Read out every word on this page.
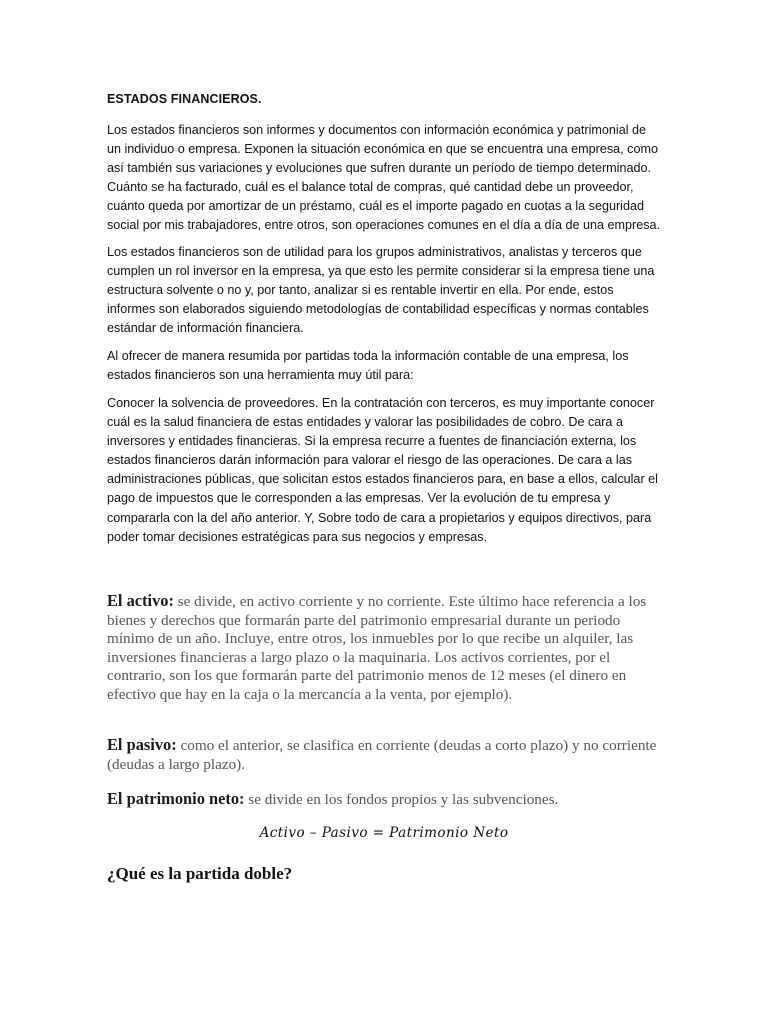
ESTADOS FINANCIEROS.

Los estados financieros son informes y documentos con información económica y patrimonial de un individuo o empresa. Exponen la situación económica en que se encuentra una empresa, como así también sus variaciones y evoluciones que sufren durante un período de tiempo determinado. Cuánto se ha facturado, cuál es el balance total de compras, qué cantidad debe un proveedor, cuánto queda por amortizar de un préstamo, cuál es el importe pagado en cuotas a la seguridad social por mis trabajadores, entre otros, son operaciones comunes en el día a día de una empresa.

Los estados financieros son de utilidad para los grupos administrativos, analistas y terceros que cumplen un rol inversor en la empresa, ya que esto les permite considerar si la empresa tiene una estructura solvente o no y, por tanto, analizar si es rentable invertir en ella. Por ende, estos informes son elaborados siguiendo metodologías de contabilidad específicas y normas contables estándar de información financiera.

Al ofrecer de manera resumida por partidas toda la información contable de una empresa, los estados financieros son una herramienta muy útil para:

Conocer la solvencia de proveedores. En la contratación con terceros, es muy importante conocer cuál es la salud financiera de estas entidades y valorar las posibilidades de cobro. De cara a inversores y entidades financieras. Si la empresa recurre a fuentes de financiación externa, los estados financieros darán información para valorar el riesgo de las operaciones. De cara a las administraciones públicas, que solicitan estos estados financieros para, en base a ellos, calcular el pago de impuestos que le corresponden a las empresas. Ver la evolución de tu empresa y compararla con la del año anterior. Y, Sobre todo de cara a propietarios y equipos directivos, para poder tomar decisiones estratégicas para sus negocios y empresas.

El activo: se divide, en activo corriente y no corriente. Este último hace referencia a los bienes y derechos que formarán parte del patrimonio empresarial durante un periodo mínimo de un año. Incluye, entre otros, los inmuebles por lo que recibe un alquiler, las inversiones financieras a largo plazo o la maquinaria. Los activos corrientes, por el contrario, son los que formarán parte del patrimonio menos de 12 meses (el dinero en efectivo que hay en la caja o la mercancía a la venta, por ejemplo).

El pasivo: como el anterior, se clasifica en corriente (deudas a corto plazo) y no corriente (deudas a largo plazo).

El patrimonio neto: se divide en los fondos propios y las subvenciones.

Activo – Pasivo = Patrimonio Neto
¿Qué es la partida doble?
